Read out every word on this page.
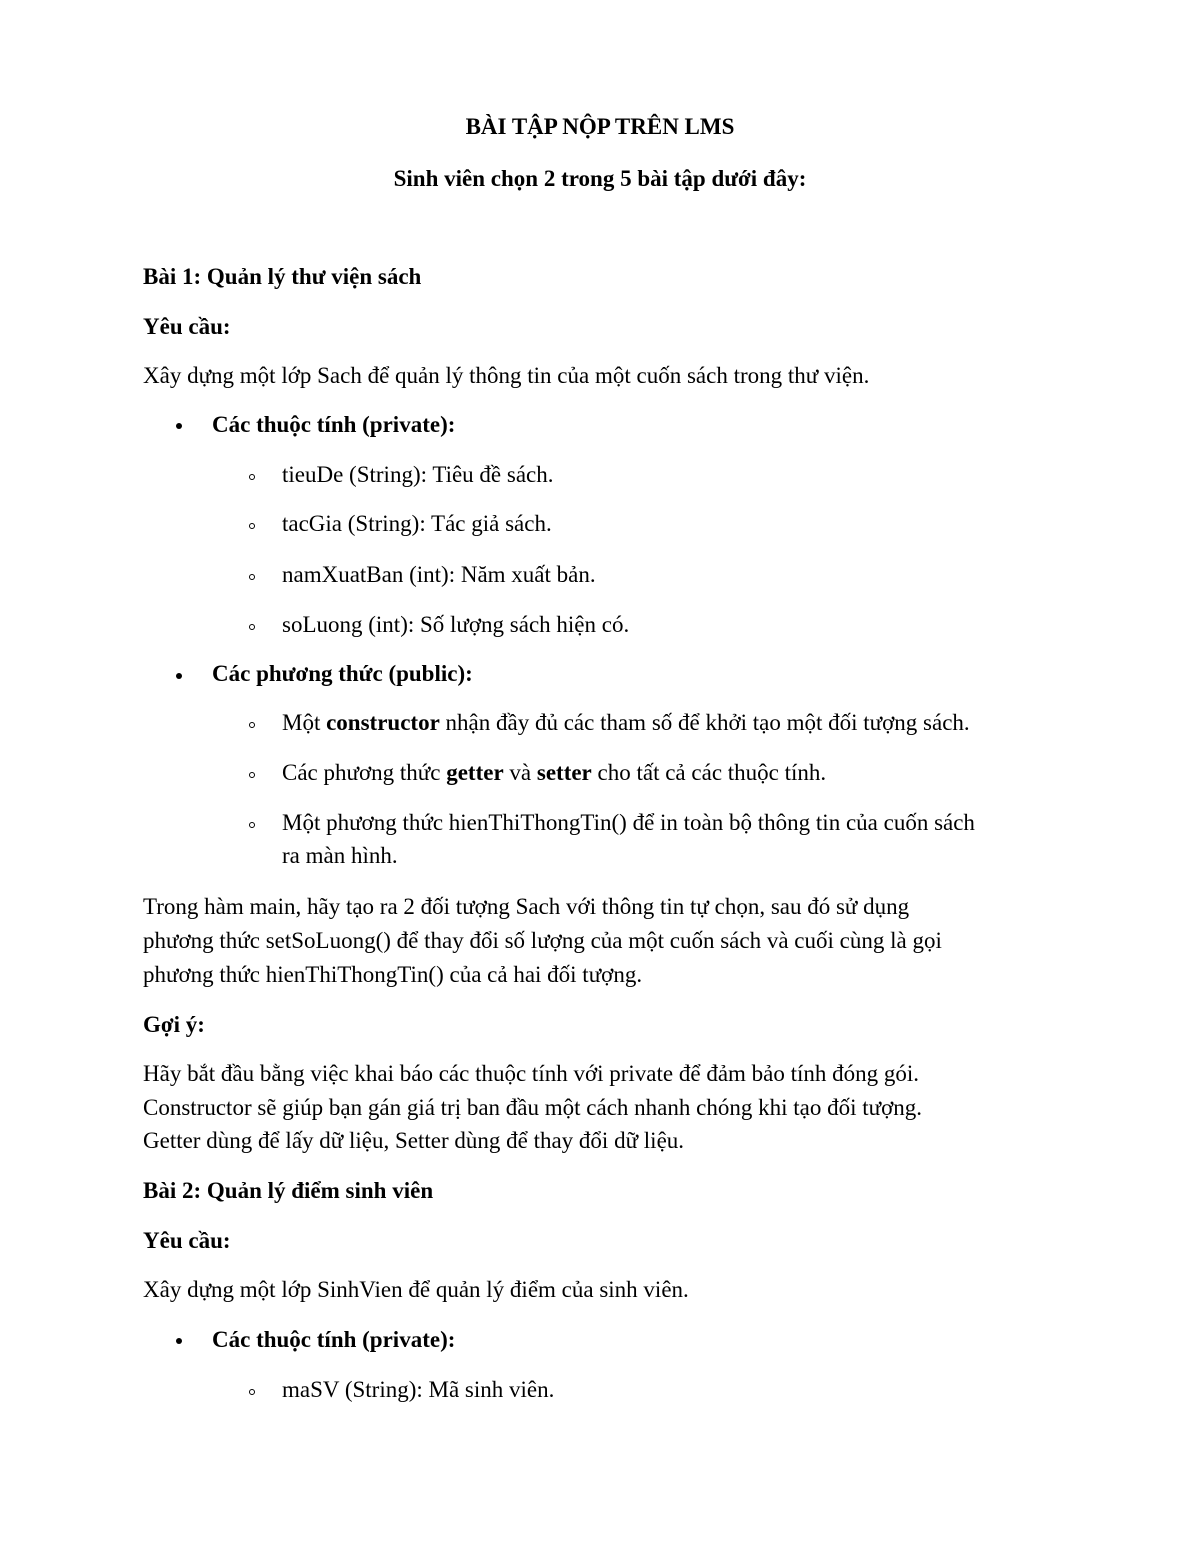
BÀI TẬP NỘP TRÊN LMS
Sinh viên chọn 2 trong 5 bài tập dưới đây:
Bài 1: Quản lý thư viện sách
Yêu cầu:
Xây dựng một lớp Sach để quản lý thông tin của một cuốn sách trong thư viện.
Các thuộc tính (private):
tieuDe (String): Tiêu đề sách.
tacGia (String): Tác giả sách.
namXuatBan (int): Năm xuất bản.
soLuong (int): Số lượng sách hiện có.
Các phương thức (public):
Một constructor nhận đầy đủ các tham số để khởi tạo một đối tượng sách.
Các phương thức getter và setter cho tất cả các thuộc tính.
Một phương thức hienThiThongTin() để in toàn bộ thông tin của cuốn sách
ra màn hình.
Trong hàm main, hãy tạo ra 2 đối tượng Sach với thông tin tự chọn, sau đó sử dụng
phương thức setSoLuong() để thay đổi số lượng của một cuốn sách và cuối cùng là gọi
phương thức hienThiThongTin() của cả hai đối tượng.
Gợi ý:
Hãy bắt đầu bằng việc khai báo các thuộc tính với private để đảm bảo tính đóng gói.
Constructor sẽ giúp bạn gán giá trị ban đầu một cách nhanh chóng khi tạo đối tượng.
Getter dùng để lấy dữ liệu, Setter dùng để thay đổi dữ liệu.
Bài 2: Quản lý điểm sinh viên
Yêu cầu:
Xây dựng một lớp SinhVien để quản lý điểm của sinh viên.
Các thuộc tính (private):
maSV (String): Mã sinh viên.
